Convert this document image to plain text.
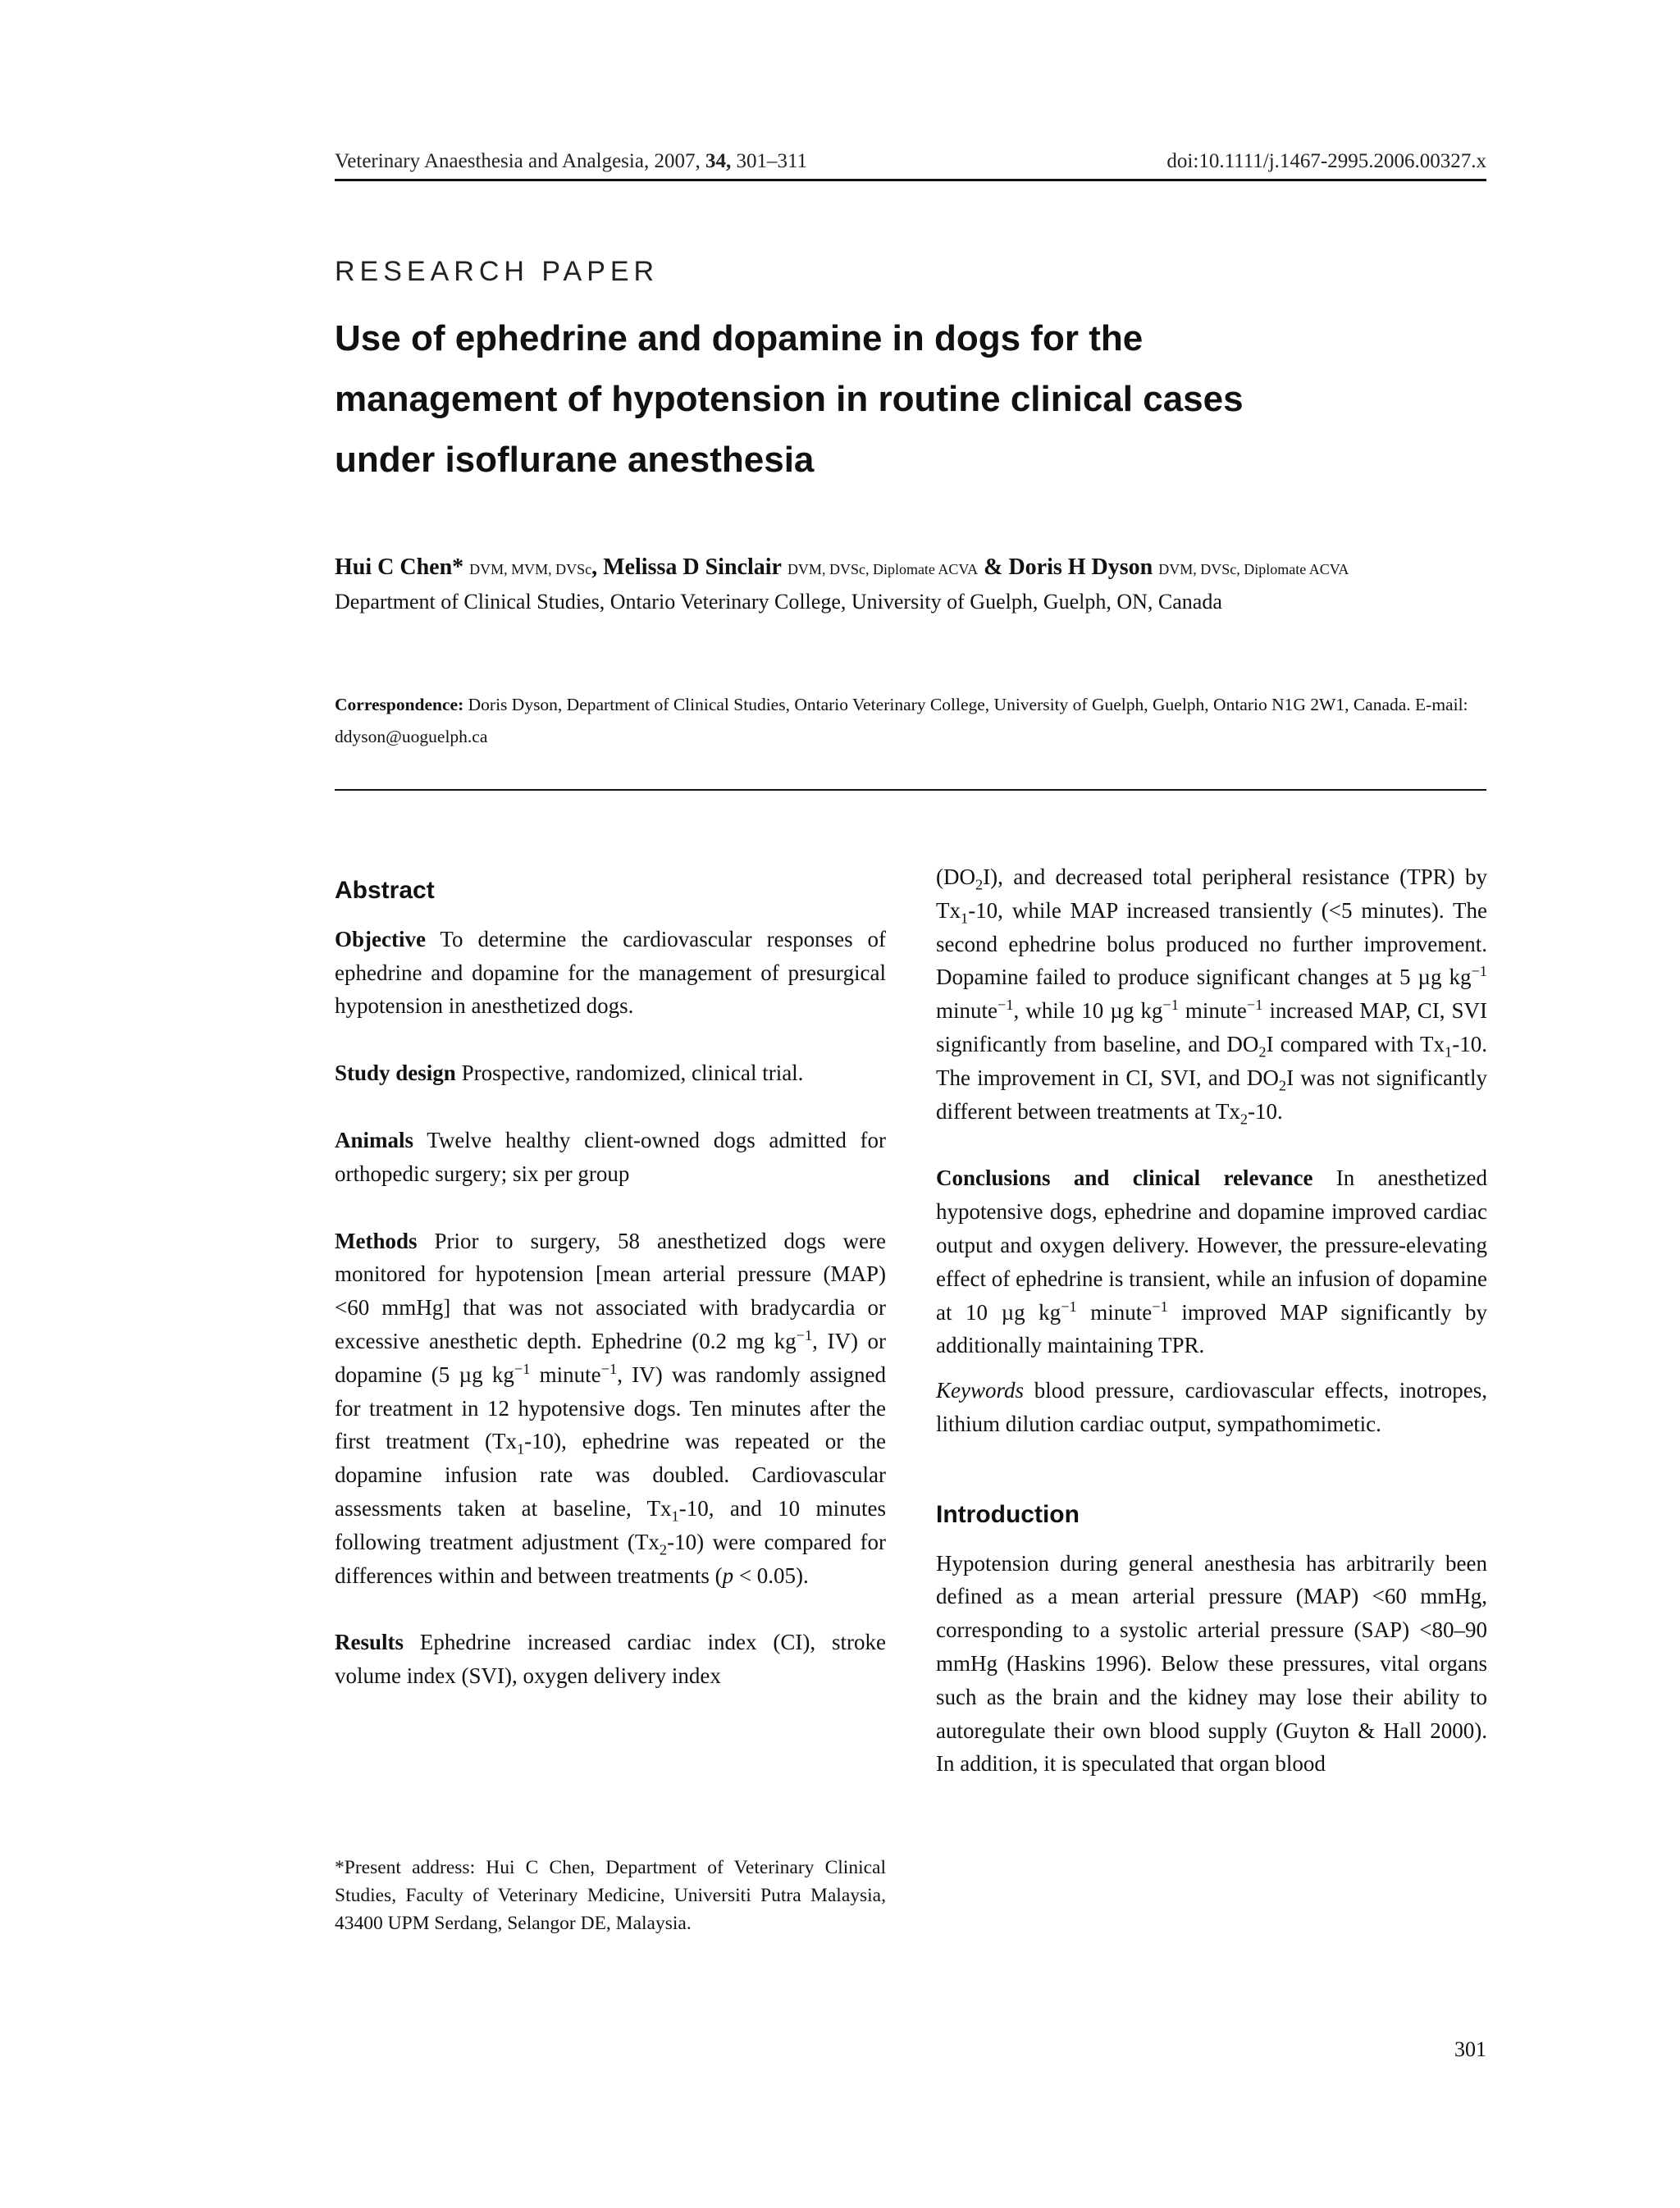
Veterinary Anaesthesia and Analgesia, 2007, 34, 301–311	doi:10.1111/j.1467-2995.2006.00327.x
RESEARCH PAPER
Use of ephedrine and dopamine in dogs for the
management of hypotension in routine clinical cases
under isoflurane anesthesia
Hui C Chen* DVM, MVM, DVSc, Melissa D Sinclair DVM, DVSc, Diplomate ACVA & Doris H Dyson DVM, DVSc, Diplomate ACVA
Department of Clinical Studies, Ontario Veterinary College, University of Guelph, Guelph, ON, Canada
Correspondence: Doris Dyson, Department of Clinical Studies, Ontario Veterinary College, University of Guelph, Guelph, Ontario N1G 2W1, Canada. E-mail: ddyson@uoguelph.ca

Abstract

Objective To determine the cardiovascular responses of ephedrine and dopamine for the management of presurgical hypotension in anesthetized dogs.

Study design Prospective, randomized, clinical trial.

Animals Twelve healthy client-owned dogs admitted for orthopedic surgery; six per group

Methods Prior to surgery, 58 anesthetized dogs were monitored for hypotension [mean arterial pressure (MAP) <60 mmHg] that was not associated with bradycardia or excessive anesthetic depth. Ephedrine (0.2 mg $kg^{-1}$, IV) or dopamine (5 µg $kg^{-1}$ minute$^{-1}$, IV) was randomly assigned for treatment in 12 hypotensive dogs. Ten minutes after the first treatment $(Tx_1-10)$, ephedrine was repeated or the dopamine infusion rate was doubled. Cardiovascular assessments taken at baseline, $Tx_1-10$, and 10 minutes following treatment adjustment $(Tx_2-10)$ were compared for differences within and between treatments (p < 0.05).

Results Ephedrine increased cardiac index (CI), stroke volume index (SVI), oxygen delivery index

*Present address: Hui C Chen, Department of Veterinary Clinical Studies, Faculty of Veterinary Medicine, Universiti Putra Malaysia, 43400 UPM Serdang, Selangor DE, Malaysia.

$(DO_2I)$, and decreased total peripheral resistance (TPR) by $Tx_1-10$, while MAP increased transiently (<5 minutes). The second ephedrine bolus produced no further improvement. Dopamine failed to produce significant changes at 5 µg $kg^{-1}$ minute$^{-1}$, while 10 µg $kg^{-1}$ minute$^{-1}$ increased MAP, CI, SVI significantly from baseline, and $DO_2I$ compared with $Tx_1-10$. The improvement in CI, SVI, and $DO_2I$ was not significantly different between treatments at $Tx_2-10$.

Conclusions and clinical relevance In anesthetized hypotensive dogs, ephedrine and dopamine improved cardiac output and oxygen delivery. However, the pressure-elevating effect of ephedrine is transient, while an infusion of dopamine at 10 µg $kg^{-1}$ minute$^{-1}$ improved MAP significantly by additionally maintaining TPR.

Keywords blood pressure, cardiovascular effects, inotropes, lithium dilution cardiac output, sympathomimetic.

Introduction

Hypotension during general anesthesia has arbitrarily been defined as a mean arterial pressure (MAP) <60 mmHg, corresponding to a systolic arterial pressure (SAP) <80–90 mmHg (Haskins 1996). Below these pressures, vital organs such as the brain and the kidney may lose their ability to autoregulate their own blood supply (Guyton & Hall 2000). In addition, it is speculated that organ blood

301
